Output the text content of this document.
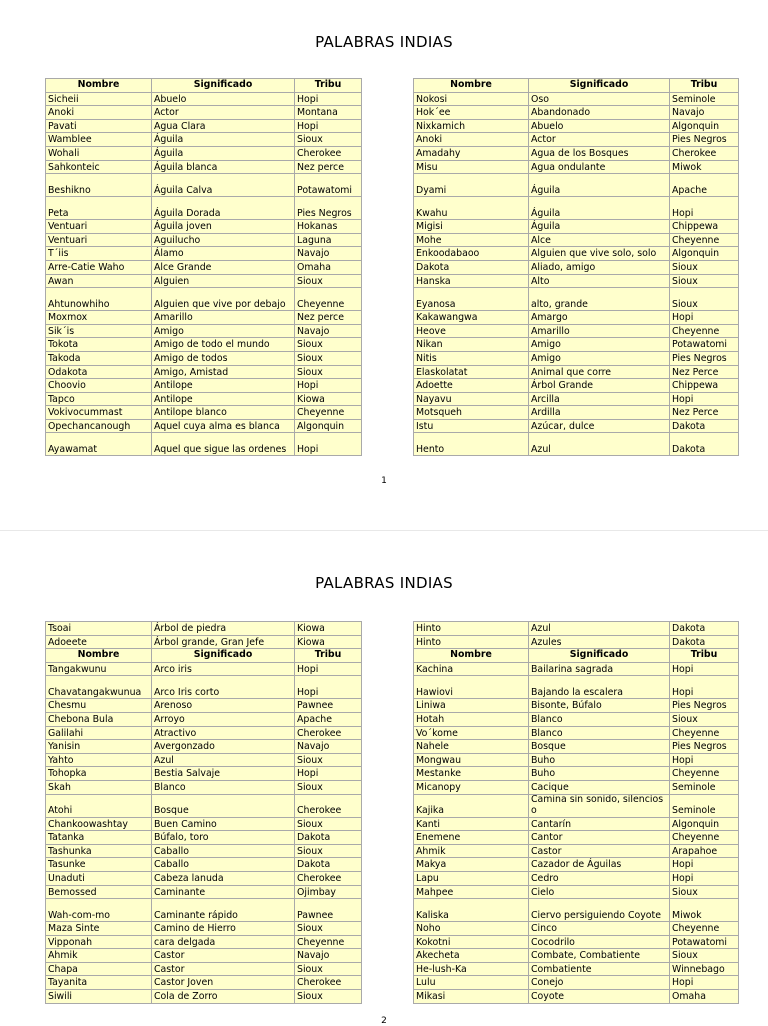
PALABRAS INDIAS
Nombre	Significado	Tribu
Sicheii	Abuelo	Hopi
Anoki	Actor	Montana
Pavati	Agua Clara	Hopi
Wamblee	Águila	Sioux
Wohali	Águila	Cherokee
Sahkonteic	Águila blanca	Nez perce
Beshikno	Águila Calva	Potawatomi
Peta	Águila Dorada	Pies Negros
Ventuari	Águila joven	Hokanas
Ventuari	Aguilucho	Laguna
T´iis	Álamo	Navajo
Arre-Catie Waho	Alce Grande	Omaha
Awan	Alguien	Sioux
Ahtunowhiho	Alguien que vive por debajo	Cheyenne
Moxmox	Amarillo	Nez perce
Sik´is	Amigo	Navajo
Tokota	Amigo de todo el mundo	Sioux
Takoda	Amigo de todos	Sioux
Odakota	Amigo, Amistad	Sioux
Choovio	Antilope	Hopi
Tapco	Antilope	Kiowa
Vokivocummast	Antilope blanco	Cheyenne
Opechancanough	Aquel cuya alma es blanca	Algonquin
Ayawamat	Aquel que sigue las ordenes	Hopi
Nombre	Significado	Tribu
Nokosi	Oso	Seminole
Hok´ee	Abandonado	Navajo
Nixkamich	Abuelo	Algonquin
Anoki	Actor	Pies Negros
Amadahy	Agua de los Bosques	Cherokee
Misu	Agua ondulante	Miwok
Dyami	Águila	Apache
Kwahu	Águila	Hopi
Migisi	Águila	Chippewa
Mohe	Alce	Cheyenne
Enkoodabaoo	Alguien que vive solo, solo	Algonquin
Dakota	Aliado, amigo	Sioux
Hanska	Alto	Sioux
Eyanosa	alto, grande	Sioux
Kakawangwa	Amargo	Hopi
Heove	Amarillo	Cheyenne
Nikan	Amigo	Potawatomi
Nitis	Amigo	Pies Negros
Elaskolatat	Animal que corre	Nez Perce
Adoette	Árbol Grande	Chippewa
Nayavu	Arcilla	Hopi
Motsqueh	Ardilla	Nez Perce
Istu	Azúcar, dulce	Dakota
Hento	Azul	Dakota
1
PALABRAS INDIAS
Tsoai	Árbol de piedra	Kiowa
Adoeete	Árbol grande, Gran Jefe	Kiowa
Nombre	Significado	Tribu
Tangakwunu	Arco iris	Hopi
Chavatangakwunua	Arco Iris corto	Hopi
Chesmu	Arenoso	Pawnee
Chebona Bula	Arroyo	Apache
Galilahi	Atractivo	Cherokee
Yanisin	Avergonzado	Navajo
Yahto	Azul	Sioux
Tohopka	Bestia Salvaje	Hopi
Skah	Blanco	Sioux
Atohi	Bosque	Cherokee
Chankoowashtay	Buen Camino	Sioux
Tatanka	Búfalo, toro	Dakota
Tashunka	Caballo	Sioux
Tasunke	Caballo	Dakota
Unaduti	Cabeza lanuda	Cherokee
Bemossed	Caminante	Ojimbay
Wah-com-mo	Caminante rápido	Pawnee
Maza Sinte	Camino de Hierro	Sioux
Vipponah	cara delgada	Cheyenne
Ahmik	Castor	Navajo
Chapa	Castor	Sioux
Tayanita	Castor Joven	Cherokee
Siwili	Cola de Zorro	Sioux
Hinto	Azul	Dakota
Hinto	Azules	Dakota
Nombre	Significado	Tribu
Kachina	Bailarina sagrada	Hopi
Hawiovi	Bajando la escalera	Hopi
Liniwa	Bisonte, Búfalo	Pies Negros
Hotah	Blanco	Sioux
Vo´kome	Blanco	Cheyenne
Nahele	Bosque	Pies Negros
Mongwau	Buho	Hopi
Mestanke	Buho	Cheyenne
Micanopy	Cacique	Seminole
Kajika	Camina sin sonido, silencioso	Seminole
Kanti	Cantarín	Algonquin
Enemene	Cantor	Cheyenne
Ahmik	Castor	Arapahoe
Makya	Cazador de Águilas	Hopi
Lapu	Cedro	Hopi
Mahpee	Cielo	Sioux
Kaliska	Ciervo persiguiendo Coyote	Miwok
Noho	Cinco	Cheyenne
Kokotni	Cocodrilo	Potawatomi
Akecheta	Combate, Combatiente	Sioux
He-lush-Ka	Combatiente	Winnebago
Lulu	Conejo	Hopi
Mikasi	Coyote	Omaha
2
